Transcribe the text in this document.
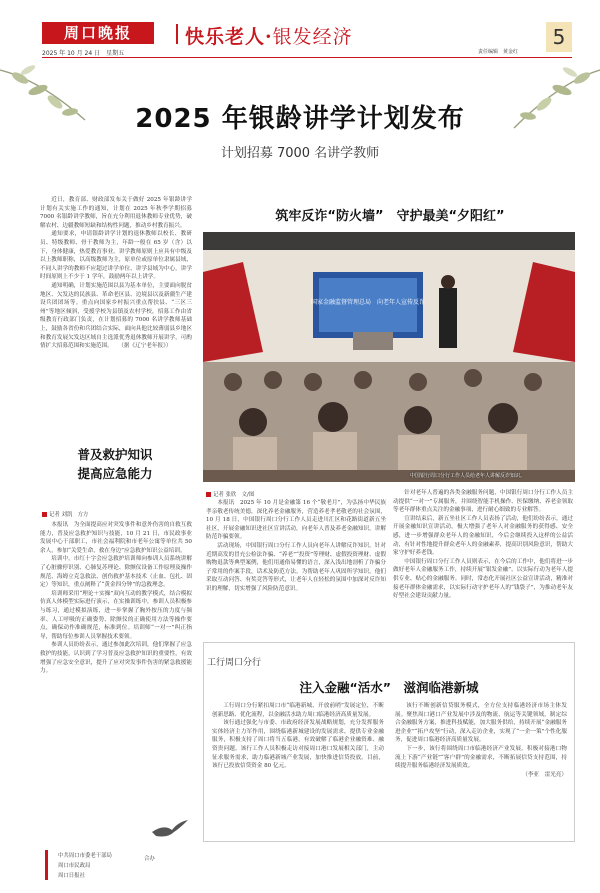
周口晚报
2025 年 10 月 24 日　星期五
快乐老人·银发经济
责任编辑　黄金红
5
2025 年银龄讲学计划发布
计划招募 7000 名讲学教师

近日，教育部、财政部发布关于做好 2025 年银龄讲学计划有关实施工作的通知，计划在 2025 年秋季学期招募 7000 名银龄讲学教师，旨在充分利用退休教师专业优势，破解农村、边疆教师短缺和结构性问题，推动乡村教育振兴。

通知要求，申请银龄讲学计划的退休教师以校长、教研员、特级教师、骨干教师为主，年龄一般在 65 岁（含）以下，身体健康，热爱教育事业。讲学教师原则上应具有中级及以上教师职称，以高级教师为主，原单位或原单位隶属县域，不同人讲学的教师不应超过讲学单位、讲学县域为中心，讲学时间原则上不少于 1 学年，鼓励两年以上讲学。

通知明确，计划实施范围以县为基本单位，主要面向脱贫地区、欠发达的民族县、革命老区县、边境县以及新疆生产建设兵团团场等。重点向国家乡村振兴重点帮扶县、“三区三州”等地区倾斜，受援学校为县镇及农村学校，招募工作由省级教育行政部门负责，在计划招募的 7000 名讲学教师基础上，鼓励各省份和兵团结合实际，面向具他比较薄弱县乡地区和教育发展欠发达区域自主选派优秀退休教师开展讲学，可酌情扩大招募范围和实施范围。　　（据《辽宁老年报》）

普及救护知识
提高应急能力
记者 刘凯　方方

本报讯　为全面提高应对突发事件和意外伤害的自救互救能力，普及应急救护知识与技能，10 月 21 日，市民政事业发展中心干部职工，市社会福利院和市老年公寓等单位共 50 余人，参加“关爱生命，救在身边”应急救护知识公益培训。

培训中，市红十字会应急救护培训师向参训人员系统讲解了心脏骤停识别、心肺复苏理论、除颤仪设备工作原理及操作规范、海姆立克急救法、创伤救护基本技术（止血、包扎、固定）等知识，重点阐释了“黄金四分钟”的急救理念。

培训师采用“理论＋实操”双向互动的教学模式，结合模拟仿真人体模型实际进行演示，在实操训练中，参训人员积极参与练习，通过模拟演练，进一步掌握了胸外按压的力度与频率、人工呼吸的正确姿势、除颤仪的正确使用方法等操作要点，确保动作准确规范，标准到位。培训师“一对一”纠正指导，帮助每位参训人员掌握技术要领。

参训人员纷纷表示，通过参加此次培训，他们掌握了应急救护的技能，认识到了学习普及应急救护知识的重要性，有效增强了应急安全意识，提升了应对突发事件伤害的紧急救援能力。

筑牢反诈“防火墙”　守护最美“夕阳红”
国家金融监督管理总局　向老年人宣传反诈
中国银行周口分行工作人员给老年人讲解反诈知识。
记者 张欣　文/图

本报讯　2025 年 10 月是金融第 16 个“敬老月”，为弘扬中华民族孝亲敬老传统美德，深化养老金融服务，营造养老孝老敬老的社会氛围，10 月 18 日，中国银行周口分行工作人员走进川汇区和花路街道新五坐社区，开展金融知识进社区宣讲活动，向老年人普及养老金融知识，讲解防范诈骗要领。

活动现场，中国银行周口分行工作人员向老年人讲解反诈知识。针对近期高发的冒充公检法诈骗、“养老”“投资”等理财、虚假投资理财、虚假购物退款等典型案例，他们用通俗易懂的语言，深入浅出地剖析了诈骗分子常用的作案手段，话术及防范方法。为帮助老年人巩固所学知识，他们采取互动问答、有奖竞答等形式，让老年人在轻松的氛围中加深对反诈知识的理解，切实增强了风险防范意识。

针对老年人普遍的各类金融服务问题，中国银行周口分行工作人员主动提供“一对一”专属服务，并围绕智能手机操作、医保缴纳、养老金领取等老年群体重点关注的金融事项，进行耐心细致的专业解答。

宣讲结束后，新五坐社区工作人员表扬了活动，他们纷纷表示，通过开展金融知识宣讲活动，极大增强了老年人对金融服务的获得感、安全感，进一步增强群众老年人的金融知识，今后会继续投入这样的公益活动，有针对性地提升群众老年人的金融素养，提高识别风险意识，帮助大家守护好养老钱。

中国银行周口分行工作人员则表示，在今后的工作中，他们将进一步做好老年人金融服务工作，持续开展“银发金融”，以实际行动为老年人提供专业、贴心的金融服务。同时，常态化开展社区公益宣讲活动，精准对接老年群体金融需求，以实际行动守护老年人的“钱袋子”，为推动老年友好型社会建设贡献力量。

工行周口分行
注入金融“活水”　滋润临港新城

工行周口分行紧扣周口市“临港新城、开放前哨”发展定位，不断创新思路、优化流程，以金融活水助力周口临港经济高质量发展。

该行通过强化与市委、市政府经济发展战略规划，充分发挥服务实体经济主力军作用，围绕临港新城建设的发展需求，提供专业金融服务，积极支持了周口将当五临港，有效破解了临港企业融资难、融资贵问题。该行工作人员积极走访对接周口港口发展相关部门，主动征求服务需求，助力临港新城产业发展，加快推进信贷投放。目前，该行已投放信贷资金 80 亿元。

该行不断创新信贷服务模式，全方位支持临港经济市场主体发展。聚焦周口港口产业发展中涉及的物流、航运等关键领域，制定综合金融服务方案，推进科技赋能，加大服务供给，持续开展“金融服务进企业”“拓户攻坚”行动，深入走访企业，实现了“一企一策”个性化服务，促进周口临港经济高质量发展。

下一步，该行将围绕周口市临港经济产业发展，积极对接港口物流上下游“产业链”“客户群”的金融需求，不断拓展信贷支持范围，持续提升服务临港经济发展质效。

（李亚　雷光亮）
中共周口市委老干部局
周口市民政局
周口日报社
合办
